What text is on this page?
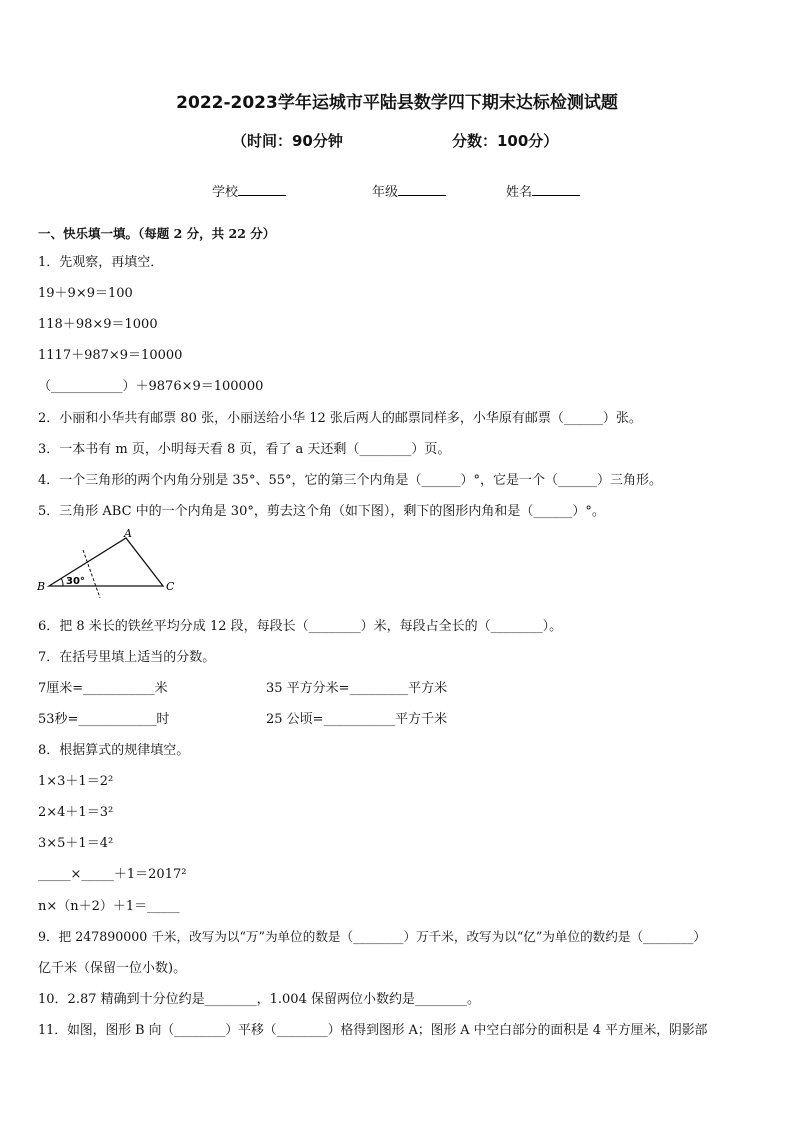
2022-2023学年运城市平陆县数学四下期末达标检测试题
（时间：90分钟	分数：100分）
学校	年级	姓名
一、快乐填一填。（每题 2 分，共 22 分）
1．先观察，再填空．
19＋9×9＝100
118＋98×9＝1000
1117＋987×9＝10000
（___________）＋9876×9＝100000
2．小丽和小华共有邮票 80 张，小丽送给小华 12 张后两人的邮票同样多，小华原有邮票（______）张。
3．一本书有 m 页，小明每天看 8 页，看了 a 天还剩（________）页。
4．一个三角形的两个内角分别是 35°、55°，它的第三个内角是（______）°，它是一个（______）三角形。
5．三角形 ABC 中的一个内角是 30°，剪去这个角（如下图），剩下的图形内角和是（______）°。
A
B	C
30°
6．把 8 米长的铁丝平均分成 12 段，每段长（________）米，每段占全长的（________）。
7．在括号里填上适当的分数。
7厘米=___________米	35 平方分米=_________平方米
53秒=____________时	25 公顷=___________平方千米
8．根据算式的规律填空。
1×3＋1＝2²
2×4＋1＝3²
3×5＋1＝4²
_____×_____＋1＝2017²
n×（n＋2）＋1＝_____
9．把 247890000 千米，改写为以“万”为单位的数是（________）万千米，改写为以“亿”为单位的数约是（________）
亿千米（保留一位小数)。
10．2.87 精确到十分位约是________，1.004 保留两位小数约是________。
11．如图，图形 B 向（________）平移（________）格得到图形 A；图形 A 中空白部分的面积是 4 平方厘米，阴影部
